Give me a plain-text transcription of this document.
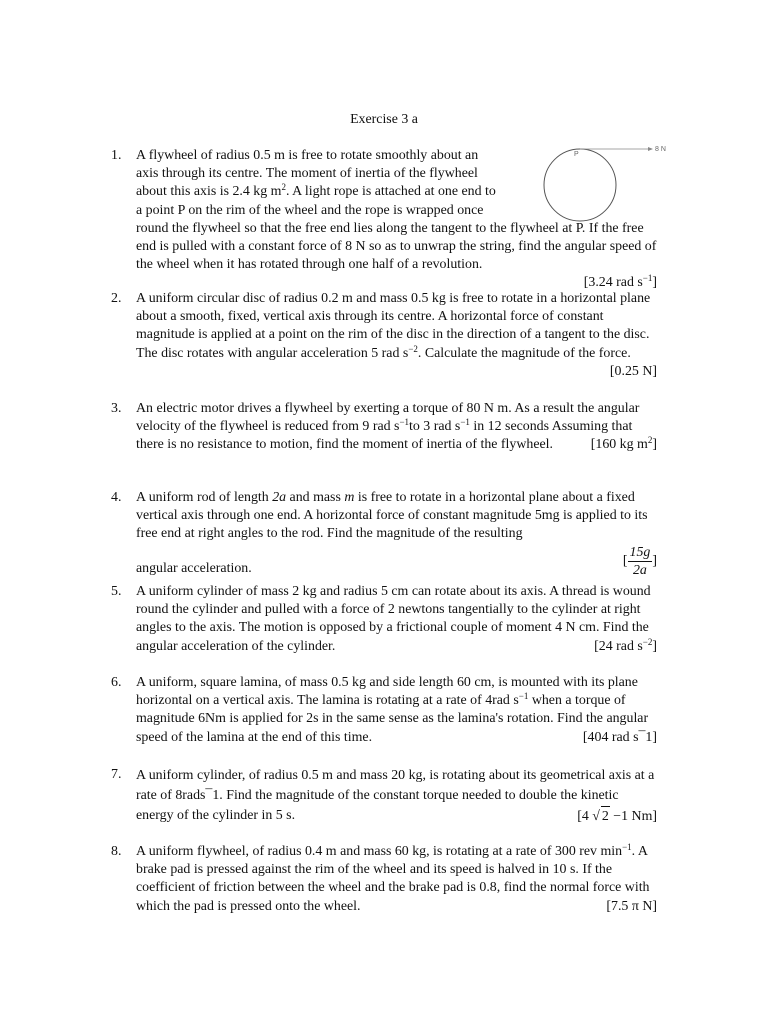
Exercise 3 a
1. A flywheel of radius 0.5 m is free to rotate smoothly about an
axis through its centre. The moment of inertia of the flywheel
about this axis is 2.4 kg $m^2$. A light rope is attached at one end to
a point P on the rim of the wheel and the rope is wrapped once
round the flywheel so that the free end lies along the tangent to the flywheel at P. If the free end is pulled with a constant force of 8 N so as to unwrap the string, find the angular speed of the wheel when it has rotated through one half of a revolution.
[3.24 rad $s^{-1}$]
P
8 N
2. A uniform circular disc of radius 0.2 m and mass 0.5 kg is free to rotate in a horizontal plane about a smooth, fixed, vertical axis through its centre. A horizontal force of constant magnitude is applied at a point on the rim of the disc in the direction of a tangent to the disc. The disc rotates with angular acceleration 5 rad $s^{-2}$. Calculate the magnitude of the force.
[0.25 N]
3. An electric motor drives a flywheel by exerting a torque of 80 N m. As a result the angular velocity of the flywheel is reduced from 9 rad $s^{-1}to$ 3 rad $s^{-1}$ in 12 seconds Assuming that there is no resistance to motion, find the moment of inertia of the flywheel.	[160 kg $m^2$]
4. A uniform rod of length 2a and mass m is free to rotate in a horizontal plane about a fixed vertical axis through one end. A horizontal force of constant magnitude 5mg is applied to its free end at right angles to the rod. Find the magnitude of the resulting
angular acceleration.	[ $\frac{15g}{2a}$ ]
5. A uniform cylinder of mass 2 kg and radius 5 cm can rotate about its axis. A thread is wound round the cylinder and pulled with a force of 2 newtons tangentially to the cylinder at right angles to the axis. The motion is opposed by a frictional couple of moment 4 N cm. Find the angular acceleration of the cylinder.	[24 rad $s^{-2}$]
6. A uniform, square lamina, of mass 0.5 kg and side length 60 cm, is mounted with its plane horizontal on a vertical axis. The lamina is rotating at a rate of 4rad $s^{-1}$ when a torque of magnitude 6Nm is applied for 2s in the same sense as the lamina's rotation. Find the angular speed of the lamina at the end of this time.	[404 rad s¯1]
7. A uniform cylinder, of radius 0.5 m and mass 20 kg, is rotating about its geometrical axis at a rate of 8rads¯1. Find the magnitude of the constant torque needed to double the kinetic energy of the cylinder in 5 s.	[4 √ 2 −1 Nm]
8. A uniform flywheel, of radius 0.4 m and mass 60 kg, is rotating at a rate of 300 rev $\min^{-1}$. A brake pad is pressed against the rim of the wheel and its speed is halved in 10 s. If the coefficient of friction between the wheel and the brake pad is 0.8, find the normal force with which the pad is pressed onto the wheel.	[7.5 π N]
